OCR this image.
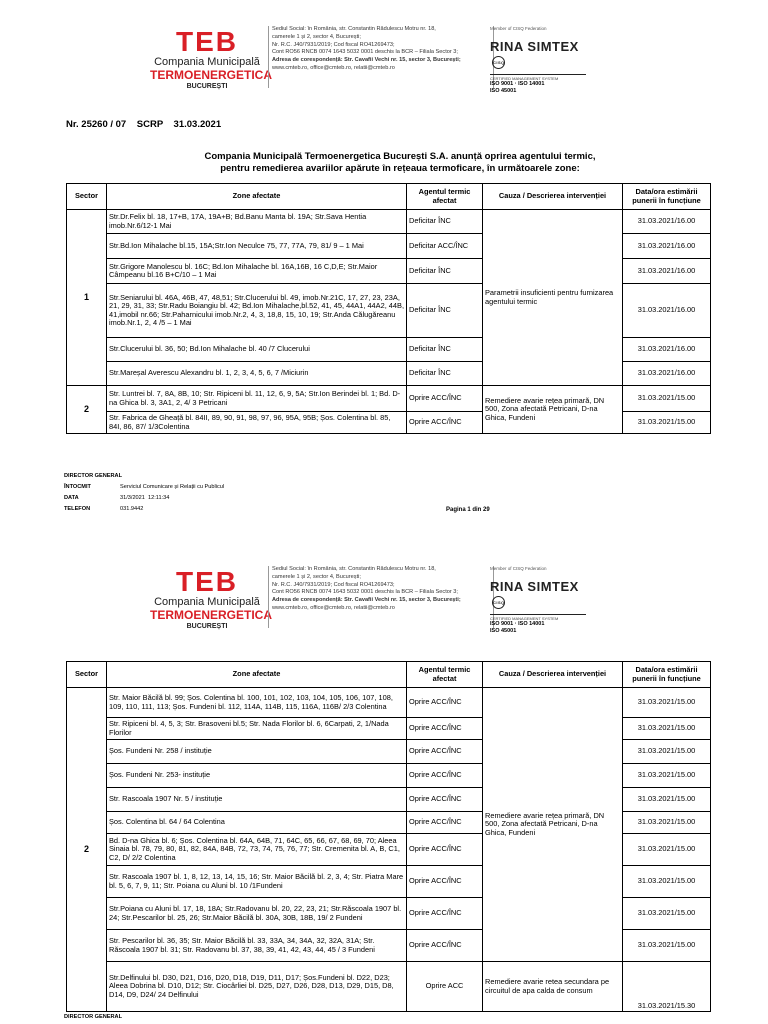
TEB
Compania Municipală
TERMOENERGETICA
BUCUREȘTI
Sediul Social: în România, str. Constantin Rădulescu Motru nr. 18,
camerele 1 și 2, sector 4, București;
Nr. R.C. J40/7931/2019; Cod fiscal RO41269473;
Cont RO56 RNCB 0074 1643 5032 0001 deschis la BCR – Filiala Sector 3;
Adresa de corespondență: Str. Cavafii Vechi nr. 15, sector 3, București;
www.cmteb.ro, office@cmteb.ro, relatii@cmteb.ro
Member of CISQ Federation
RINA SIMTEXCISQ
CERTIFIED MANAGEMENT SYSTEM
ISO 9001 · ISO 14001
ISO 45001
Nr. 25260 / 07    SCRP    31.03.2021
Compania Municipală Termoenergetica București S.A. anunță oprirea agentului termic,
pentru remedierea avariilor apărute în rețeaua termoficare, în următoarele zone:
Sector	Zone afectate	Agentul termic afectat	Cauza / Descrierea intervenției	Data/ora estimării punerii în funcțiune
1	Str.Dr.Felix bl. 18, 17+B, 17A, 19A+B; Bd.Banu Manta bl. 19A; Str.Sava Hentia imob.Nr.6/12-1 Mai	Deficitar ÎNC	Parametrii insuficienti pentru furnizarea agentului termic	31.03.2021/16.00
	Str.Bd.Ion Mihalache bl.15, 15A;Str.Ion Neculce 75, 77, 77A, 79, 81/ 9 – 1 Mai	Deficitar ACC/ÎNC		31.03.2021/16.00
	Str.Grigore Manolescu bl. 16C; Bd.Ion Mihalache bl. 16A,16B, 16 C,D,E; Str.Maior Câmpeanu bl.16 B+C/10 – 1 Mai	Deficitar ÎNC		31.03.2021/16.00
	Str.Seniarului bl. 46A, 46B, 47, 48,51; Str.Clucerului bl. 49, imob.Nr.21C, 17, 27, 23, 23A, 21, 29, 31, 33; Str.Radu Boiangiu bl. 42; Bd.Ion Mihalache,bl.52, 41, 45, 44A1, 44A2, 44B, 41,imobil nr.66; Str.Paharnicului imob.Nr.2, 4, 3, 18,8, 15, 10, 19; Str.Anda Călugăreanu imob.Nr.1, 2, 4 /5 – 1 Mai	Deficitar ÎNC		31.03.2021/16.00
	Str.Clucerului bl. 36, 50; Bd.Ion Mihalache bl. 40 /7 Clucerului	Deficitar ÎNC		31.03.2021/16.00
	Str.Mareșal Averescu Alexandru bl. 1, 2, 3, 4, 5, 6, 7 /Miciurin	Deficitar ÎNC		31.03.2021/16.00
2	Str. Luntrei bl. 7, 8A, 8B, 10; Str. Ripiceni bl. 11, 12, 6, 9, 5A; Str.Ion Berindei bl. 1; Bd. D-na Ghica bl. 3, 3A1, 2, 4/ 3 Petricani	Oprire ACC/ÎNC	Remediere avarie rețea primară, DN 500, Zona afectată Petricani, D-na Ghica, Fundeni	31.03.2021/15.00
	Str. Fabrica de Gheață bl. 84II, 89, 90, 91, 98, 97, 96, 95A, 95B; Șos. Colentina bl. 85, 84I, 86, 87/ 1/3Colentina	Oprire ACC/ÎNC		31.03.2021/15.00
DIRECTOR GENERAL
ÎNTOCMIT	Serviciul Comunicare și Relații cu Publicul
DATA	31/3/2021  12:11:34
TELEFON	031.9442	Pagina 1 din 29
TEB
Compania Municipală
TERMOENERGETICA
BUCUREȘTI
Sediul Social: în România, str. Constantin Rădulescu Motru nr. 18,
camerele 1 și 2, sector 4, București;
Nr. R.C. J40/7931/2019; Cod fiscal RO41269473;
Cont RO56 RNCB 0074 1643 5032 0001 deschis la BCR – Filiala Sector 3;
Adresa de corespondență: Str. Cavafii Vechi nr. 15, sector 3, București;
www.cmteb.ro, office@cmteb.ro, relatii@cmteb.ro
Member of CISQ Federation
RINA SIMTEXCISQ
CERTIFIED MANAGEMENT SYSTEM
ISO 9001 · ISO 14001
ISO 45001
Sector	Zone afectate	Agentul termic afectat	Cauza / Descrierea intervenției	Data/ora estimării punerii în funcțiune
2	Str. Maior Băcilă bl. 99; Șos. Colentina bl. 100, 101, 102, 103, 104, 105, 106, 107, 108, 109, 110, 111, 113; Șos. Fundeni bl. 112, 114A, 114B, 115, 116A, 116B/ 2/3 Colentina	Oprire ACC/ÎNC	Remediere avarie rețea primară, DN 500, Zona afectată Petricani, D-na Ghica, Fundeni	31.03.2021/15.00
	Str. Ripiceni bl. 4, 5, 3; Str. Brasoveni bl.5; Str. Nada Florilor bl. 6, 6Carpati, 2, 1/Nada Florilor	Oprire ACC/ÎNC		31.03.2021/15.00
	Șos. Fundeni Nr. 258 / instituție	Oprire ACC/ÎNC		31.03.2021/15.00
	Șos. Fundeni Nr. 253- instituție	Oprire ACC/ÎNC		31.03.2021/15.00
	Str. Rascoala 1907 Nr. 5 / instituție	Oprire ACC/ÎNC		31.03.2021/15.00
	Șos. Colentina bl. 64 / 64 Colentina	Oprire ACC/ÎNC		31.03.2021/15.00
	Bd. D-na Ghica bl. 6; Șos. Colentina bl. 64A, 64B, 71, 64C, 65, 66, 67, 68, 69, 70; Aleea Sinaia bl. 78, 79, 80, 81, 82, 84A, 84B, 72, 73, 74, 75, 76, 77; Str. Cremenita bl. A, B, C1, C2, D/ 2/2 Colentina	Oprire ACC/ÎNC		31.03.2021/15.00
	Str. Rascoala 1907 bl. 1, 8, 12, 13, 14, 15, 16; Str. Maior Băcilă bl. 2, 3, 4; Str. Piatra Mare bl. 5, 6, 7, 9, 11; Str. Poiana cu Aluni bl. 10 /1Fundeni	Oprire ACC/ÎNC		31.03.2021/15.00
	Str.Poiana cu Aluni bl. 17, 18, 18A; Str.Radovanu bl. 20, 22, 23, 21; Str.Răscoala 1907 bl. 24; Str.Pescarilor bl. 25, 26; Str.Maior Băcilă bl. 30A, 30B, 18B, 19/ 2 Fundeni	Oprire ACC/ÎNC		31.03.2021/15.00
	Str. Pescarilor bl. 36, 35; Str. Maior Băcilă bl. 33, 33A, 34, 34A, 32, 32A, 31A; Str. Răscoala 1907 bl. 31; Str. Radovanu bl. 37, 38, 39, 41, 42, 43, 44, 45 / 3 Fundeni	Oprire ACC/ÎNC		31.03.2021/15.00
	Str.Delfinului bl. D30, D21, D16, D20, D18, D19, D11, D17; Șos.Fundeni bl. D22, D23; Aleea Dobrina bl. D10, D12; Str. Ciocârliei bl. D25, D27, D26, D28, D13, D29, D15, D8, D14, D9, D24/ 24 Delfinului	Oprire ACC	Remediere avarie retea secundara pe circuitul de apa calda de consum	31.03.2021/15.30
DIRECTOR GENERAL
